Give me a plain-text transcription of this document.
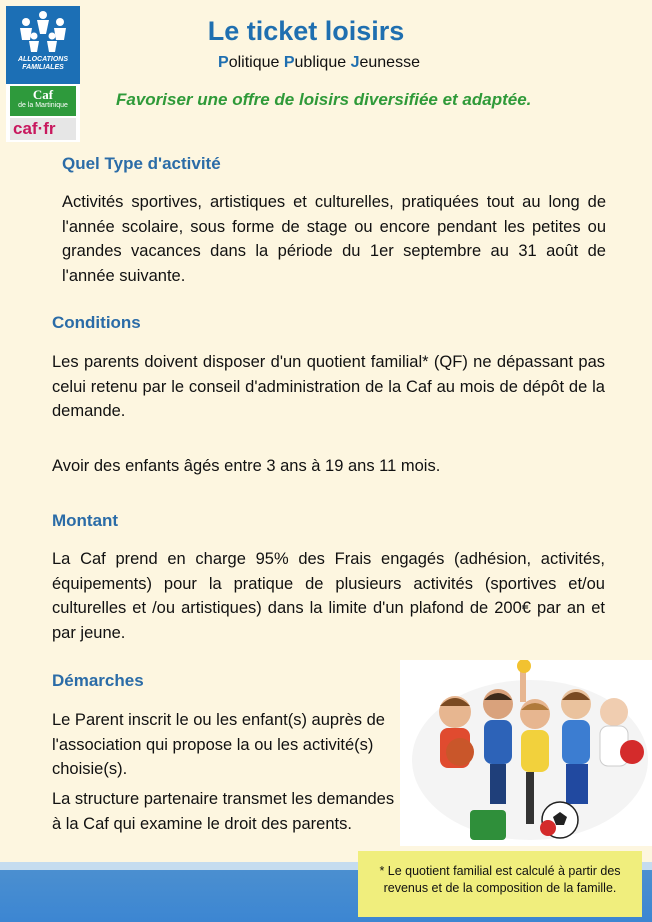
ALLOCATIONS
FAMILIALES
Caf
de la Martinique
caf·fr
Le ticket loisirs
Politique Publique Jeunesse
Favoriser une offre de loisirs diversifiée et adaptée.
Quel Type d'activité

Activités sportives, artistiques et culturelles, pratiquées tout au long de l'année scolaire, sous forme de stage ou encore pendant les petites ou grandes vacances dans la période du 1er septembre au 31 août de l'année suivante.

Conditions

Les parents doivent disposer d'un quotient familial* (QF) ne dépassant pas celui retenu par le conseil d'administration de la Caf au mois de dépôt de la demande.

Avoir des enfants âgés entre 3 ans à 19 ans 11 mois.

Montant

La Caf prend en charge 95% des Frais engagés (adhésion, activités, équipements) pour la pratique de plusieurs activités (sportives et/ou culturelles et /ou artistiques) dans la limite d'un plafond de 200€ par an et par jeune.

Démarches

Le Parent inscrit le ou les enfant(s) auprès de l'association qui propose la ou les activité(s) choisie(s).

La structure partenaire transmet les demandes à la Caf qui examine le droit des parents.

* Le quotient familial est calculé à partir des
revenus et de la composition de la famille.
